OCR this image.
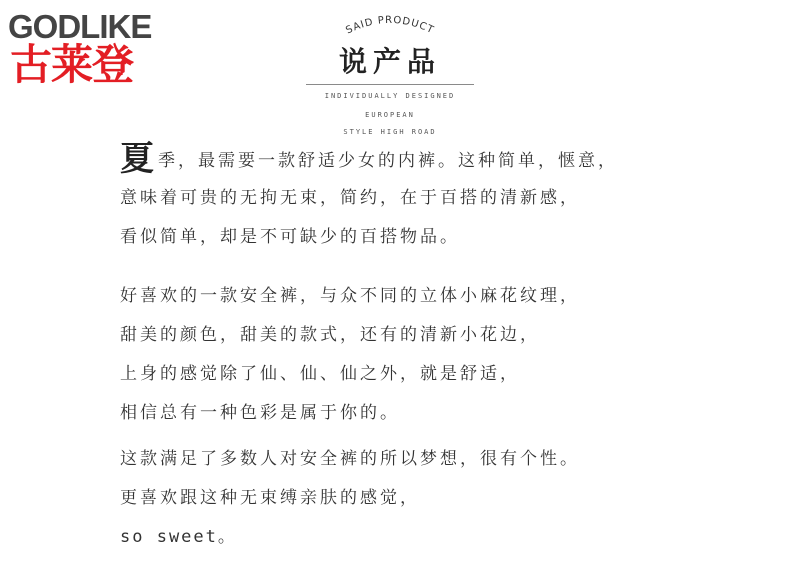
GODLIKE
古莱登
SAID PRODUCT
说产品
INDIVIDUALLY DESIGNED
EUROPEAN
STYLE HIGH ROAD
夏季，最需要一款舒适少女的内裤。这种简单，惬意，
意味着可贵的无拘无束，简约，在于百搭的清新感，
看似简单，却是不可缺少的百搭物品。
好喜欢的一款安全裤，与众不同的立体小麻花纹理，
甜美的颜色，甜美的款式，还有的清新小花边，
上身的感觉除了仙、仙、仙之外，就是舒适，
相信总有一种色彩是属于你的。
这款满足了多数人对安全裤的所以梦想，很有个性。
更喜欢跟这种无束缚亲肤的感觉，
so sweet。
